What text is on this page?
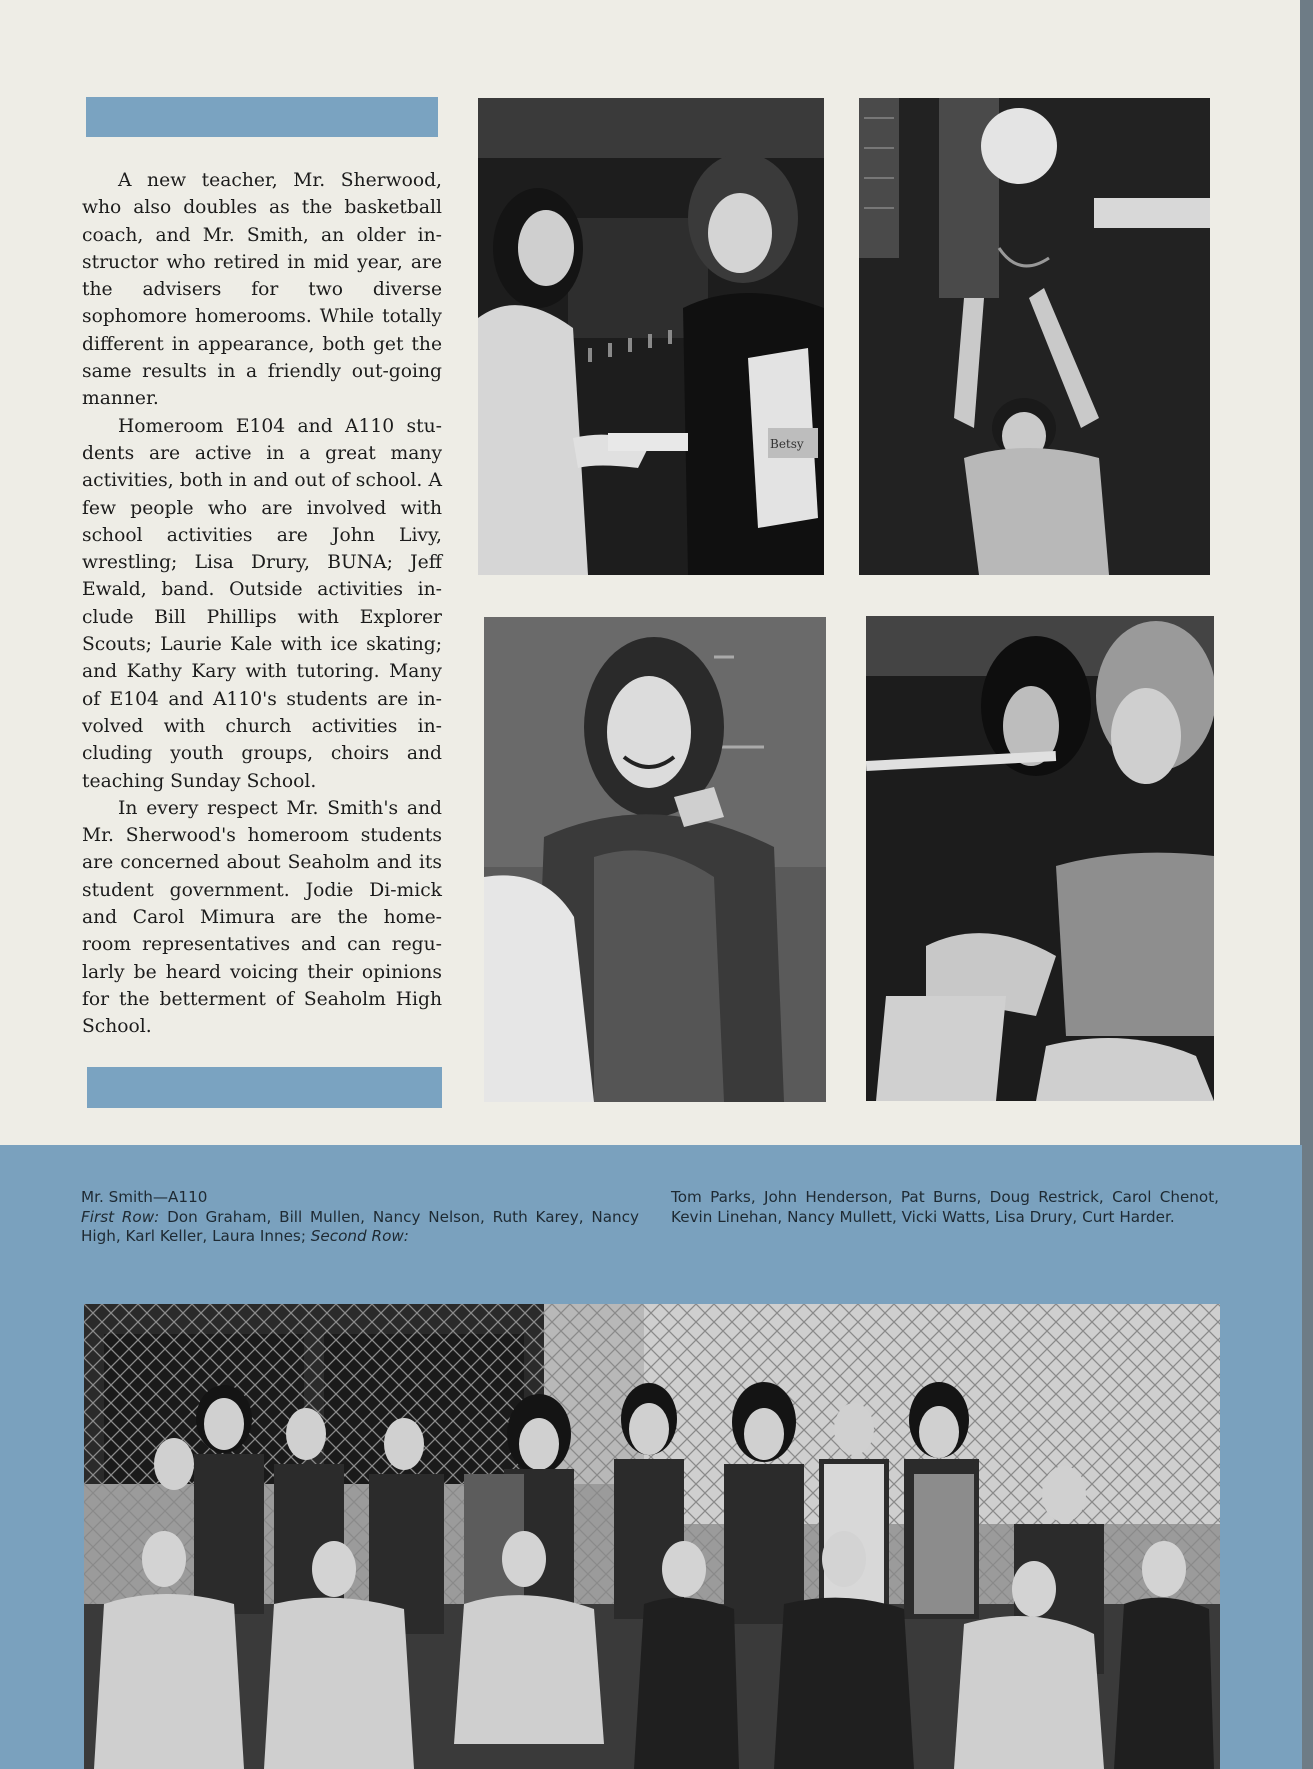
A new teacher, Mr. Sherwood, who also doubles as the basketball coach, and Mr. Smith, an older in-structor who retired in mid year, are the advisers for two diverse sophomore homerooms. While totally different in appearance, both get the same results in a friendly out-going manner.

Homeroom E104 and A110 stu-dents are active in a great many activities, both in and out of school. A few people who are involved with school activities are John Livy, wrestling; Lisa Drury, BUNA; Jeff Ewald, band. Outside activities in-clude Bill Phillips with Explorer Scouts; Laurie Kale with ice skating; and Kathy Kary with tutoring. Many of E104 and A110's students are in-volved with church activities in-cluding youth groups, choirs and teaching Sunday School.

In every respect Mr. Smith's and Mr. Sherwood's homeroom students are concerned about Seaholm and its student government. Jodie Di-mick and Carol Mimura are the home-room representatives and can regu-larly be heard voicing their opinions for the betterment of Seaholm High School.

Betsy
Mr. Smith—A110
First Row: Don Graham, Bill Mullen, Nancy Nelson, Ruth Karey, Nancy High, Karl Keller, Laura Innes; Second Row:
Tom Parks, John Henderson, Pat Burns, Doug Restrick, Carol Chenot, Kevin Linehan, Nancy Mullett, Vicki Watts, Lisa Drury, Curt Harder.
